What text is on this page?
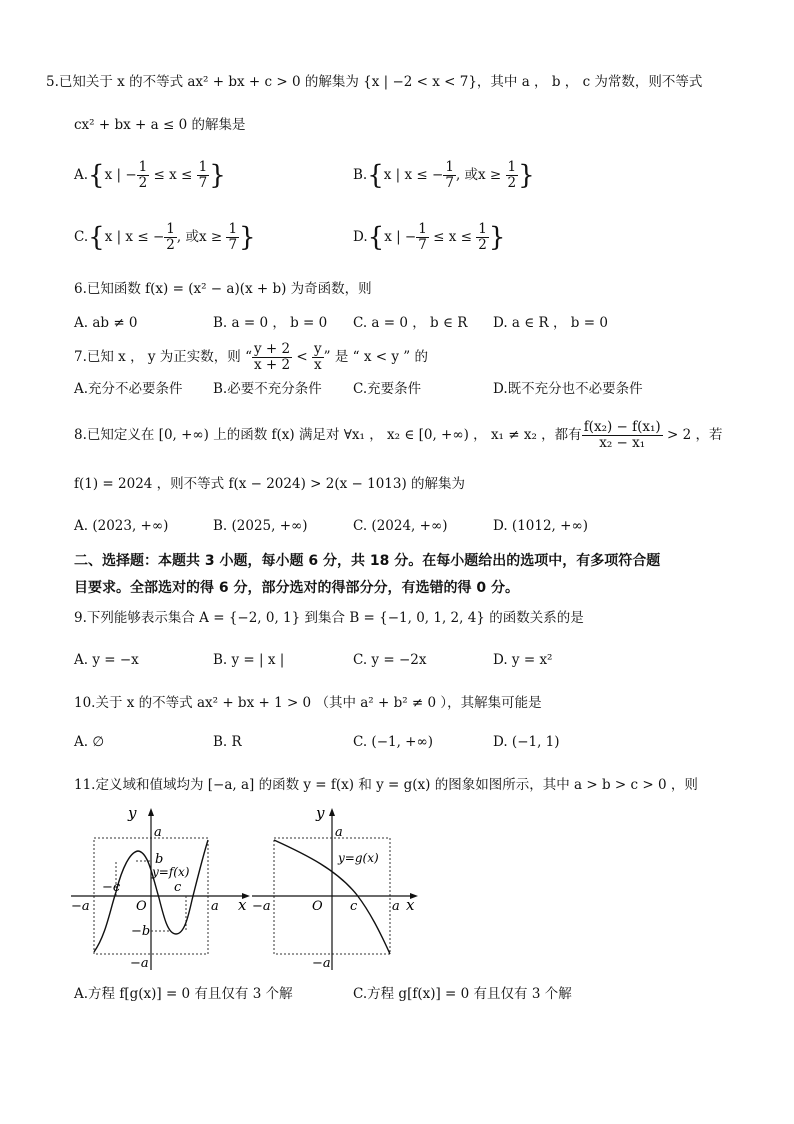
5.已知关于 x 的不等式 ax² + bx + c > 0 的解集为 {x | −2 < x < 7}，其中 a ， b ， c 为常数，则不等式
cx² + bx + a ≤ 0 的解集是
A.{x | − $\frac{1}{2} \le x \le \frac{1}{7}$ }	B.{x | x ≤ − $\frac{1}{7}$ , 或$x \ge \frac{1}{2}$ }
C.{x | x ≤ − $\frac{1}{2}$ , 或$x \ge \frac{1}{7}$ }	D.{x | − $\frac{1}{7} \le x \le \frac{1}{2}$ }
6.已知函数 f(x) = (x² − a)(x + b) 为奇函数，则
A. ab ≠ 0	B. a = 0 ， b = 0 C. a = 0 ， b ∈ R D. a ∈ R ， b = 0
7.已知 x ， y 为正实数，则 “ $\frac{y + 2}{x + 2} < \frac{y}{x}$ ” 是 “ x < y ” 的
A.充分不必要条件 B.必要不充分条件 C.充要条件	D.既不充分也不必要条件
8.已知定义在 [0, +∞) 上的函数 f(x) 满足对 ∀x₁ ， x₂ ∈ [0, +∞) ， x₁ ≠ x₂ ，都有 $\frac{\text{f(x₂) − f(x₁)}}{\text{x₂ − x₁}} > 2$ ，若
f(1) = 2024 ，则不等式 f(x − 2024) > 2(x − 1013) 的解集为
A. (2023, +∞)	B. (2025, +∞)	C. (2024, +∞)	D. (1012, +∞)
二、选择题：本题共 3 小题，每小题 6 分，共 18 分。在每小题给出的选项中，有多项符合题
目要求。全部选对的得 6 分，部分选对的得部分分，有选错的得 0 分。
9.下列能够表示集合 A = {−2, 0, 1} 到集合 B = {−1, 0, 1, 2, 4} 的函数关系的是
A. y = −x	B. y = | x |	C. y = −2x	D. y = x²
10.关于 x 的不等式 ax² + bx + 1 > 0 （其中 a² + b² ≠ 0 ），其解集可能是
A. ∅	B. R	C. (−1, +∞)	D. (−1, 1)
11.定义域和值域均为 [−a, a] 的函数 y = f(x) 和 y = g(x) 的图象如图所示，其中 a > b > c > 0 ，则
y
x
a
−a
−a	a
b
−b
c
−c
O
y=f(x)
y
x
a
−a
−a	a
c
O
y=g(x)
A.方程 f[g(x)] = 0 有且仅有 3 个解	C.方程 g[f(x)] = 0 有且仅有 3 个解
